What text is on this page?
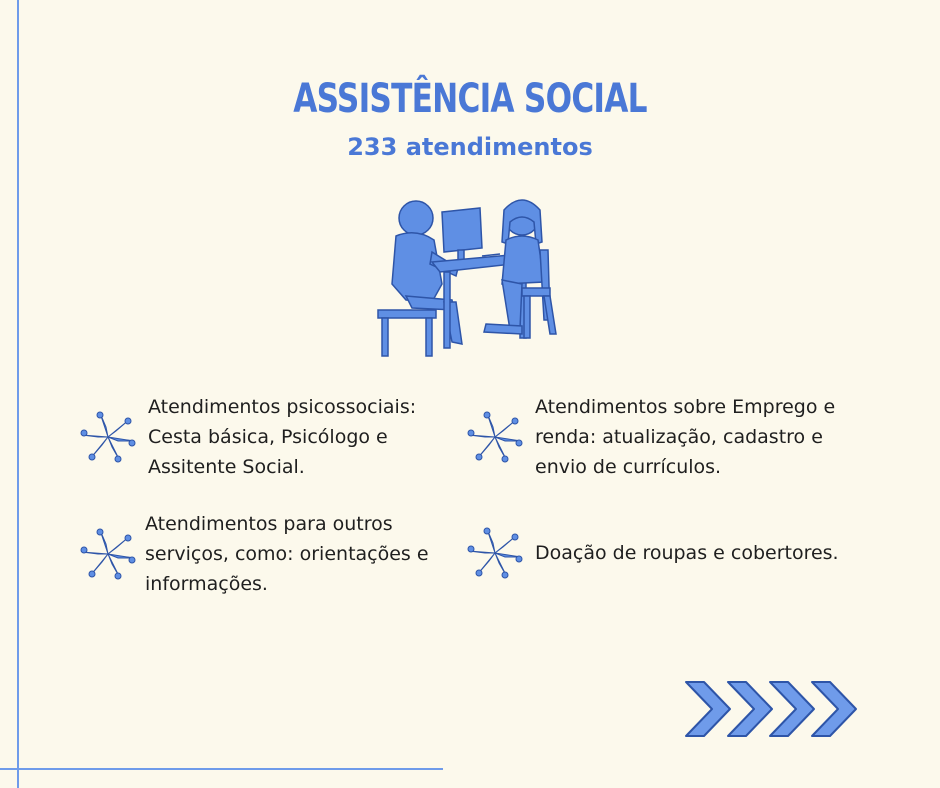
ASSISTÊNCIA SOCIAL
233 atendimentos
Atendimentos psicossociais:
Cesta básica, Psicólogo e
Assitente Social.
Atendimentos sobre Emprego e
renda: atualização, cadastro e
envio de currículos.
Atendimentos para outros
serviços, como: orientações e
informações.
Doação de roupas e cobertores.
